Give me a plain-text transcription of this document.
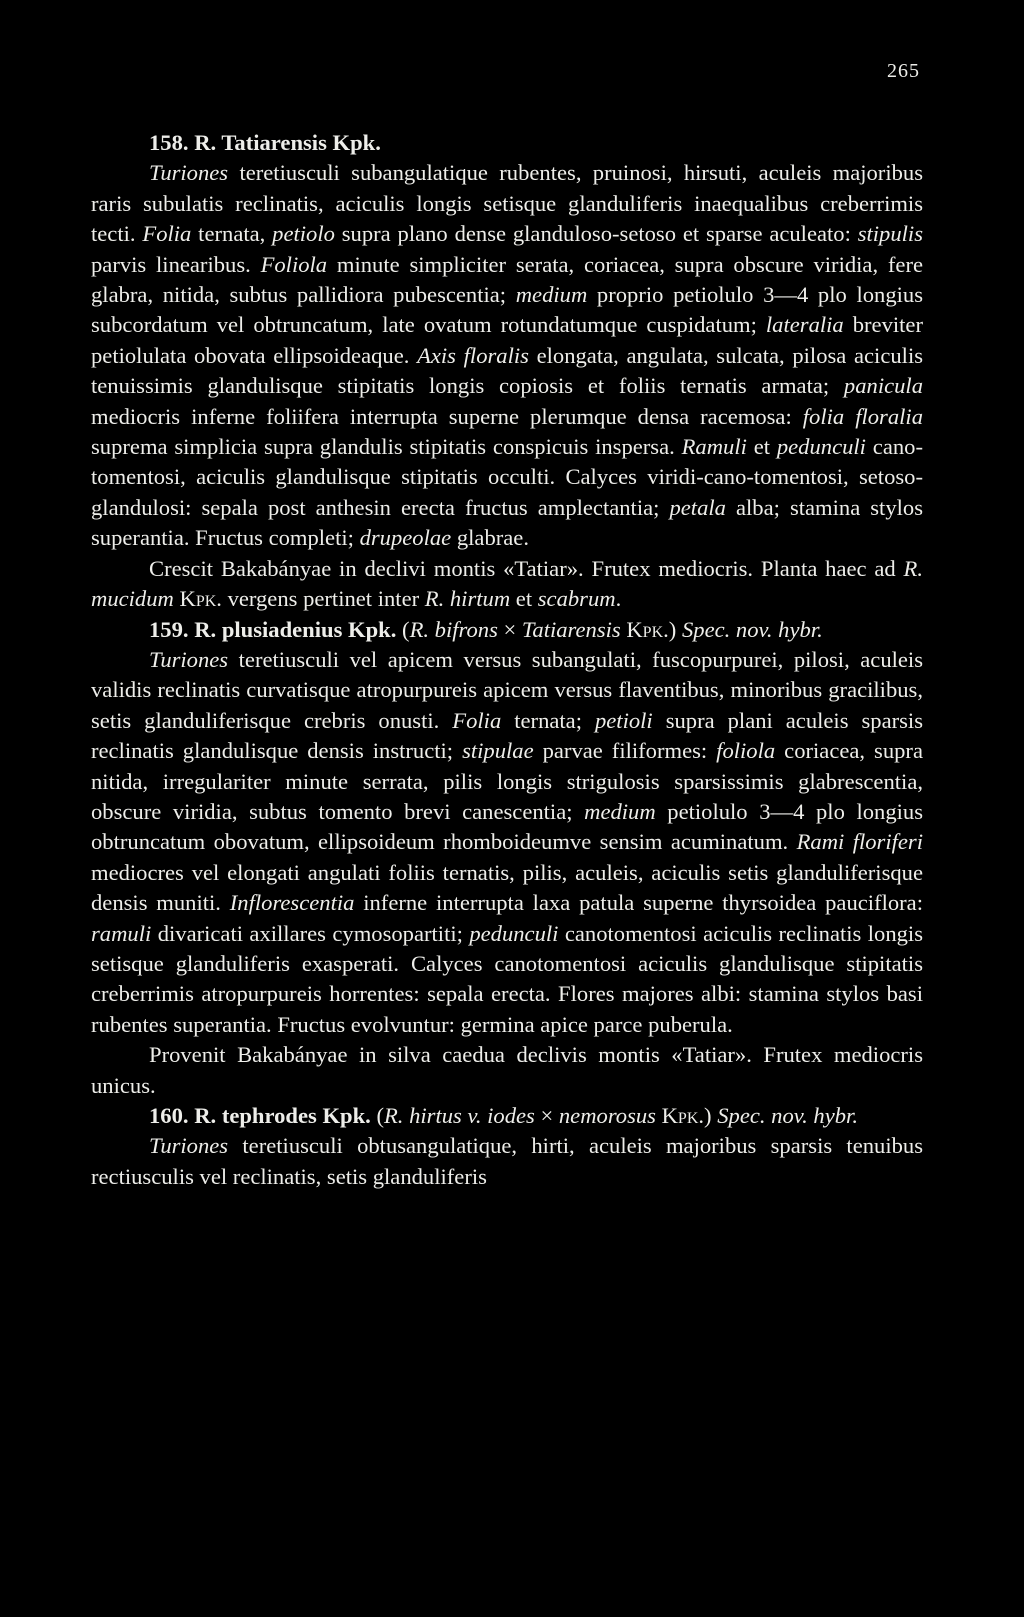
265

158. R. Tatiarensis Kpk.

Turiones teretiusculi subangulatique rubentes, pruinosi, hirsuti, aculeis majoribus raris subulatis reclinatis, aciculis longis setisque glanduliferis inaequalibus creberrimis tecti. Folia ternata, petiolo supra plano dense glanduloso-setoso et sparse aculeato: stipulis parvis linearibus. Foliola minute simpliciter serata, coriacea, supra obscure viridia, fere glabra, nitida, subtus pallidiora pubescentia; medium proprio petiolulo 3—4 plo longius subcordatum vel obtruncatum, late ovatum rotundatumque cuspidatum; lateralia breviter petiolulata obovata ellipsoideaque. Axis floralis elongata, angulata, sulcata, pilosa aciculis tenuissimis glandulisque stipitatis longis copiosis et foliis ternatis armata; panicula mediocris inferne foliifera interrupta superne plerumque densa racemosa: folia floralia suprema simplicia supra glandulis stipitatis conspicuis inspersa. Ramuli et pedunculi cano-tomentosi, aciculis glandulisque stipitatis occulti. Calyces viridi-cano-tomentosi, setoso-glandulosi: sepala post anthesin erecta fructus amplectantia; petala alba; stamina stylos superantia. Fructus completi; drupeolae glabrae.

Crescit Bakabányae in declivi montis «Tatiar». Frutex mediocris. Planta haec ad R. mucidum Kpk. vergens pertinet inter R. hirtum et scabrum.

159. R. plusiadenius Kpk. (R. bifrons × Tatiarensis Kpk.) Spec. nov. hybr.

Turiones teretiusculi vel apicem versus subangulati, fuscopurpurei, pilosi, aculeis validis reclinatis curvatisque atropurpureis apicem versus flaventibus, minoribus gracilibus, setis glanduliferisque crebris onusti. Folia ternata; petioli supra plani aculeis sparsis reclinatis glandulisque densis instructi; stipulae parvae filiformes: foliola coriacea, supra nitida, irregulariter minute serrata, pilis longis strigulosis sparsissimis glabrescentia, obscure viridia, subtus tomento brevi canescentia; medium petiolulo 3—4 plo longius obtruncatum obovatum, ellipsoideum rhomboideumve sensim acuminatum. Rami floriferi mediocres vel elongati angulati foliis ternatis, pilis, aculeis, aciculis setis glanduliferisque densis muniti. Inflorescentia inferne interrupta laxa patula superne thyrsoidea pauciflora: ramuli divaricati axillares cymosopartiti; pedunculi canotomentosi aciculis reclinatis longis setisque glanduliferis exasperati. Calyces canotomentosi aciculis glandulisque stipitatis creberrimis atropurpureis horrentes: sepala erecta. Flores majores albi: stamina stylos basi rubentes superantia. Fructus evolvuntur: germina apice parce puberula.

Provenit Bakabányae in silva caedua declivis montis «Tatiar». Frutex mediocris unicus.

160. R. tephrodes Kpk. (R. hirtus v. iodes × nemorosus Kpk.) Spec. nov. hybr.

Turiones teretiusculi obtusangulatique, hirti, aculeis majoribus sparsis tenuibus rectiusculis vel reclinatis, setis glanduliferis
